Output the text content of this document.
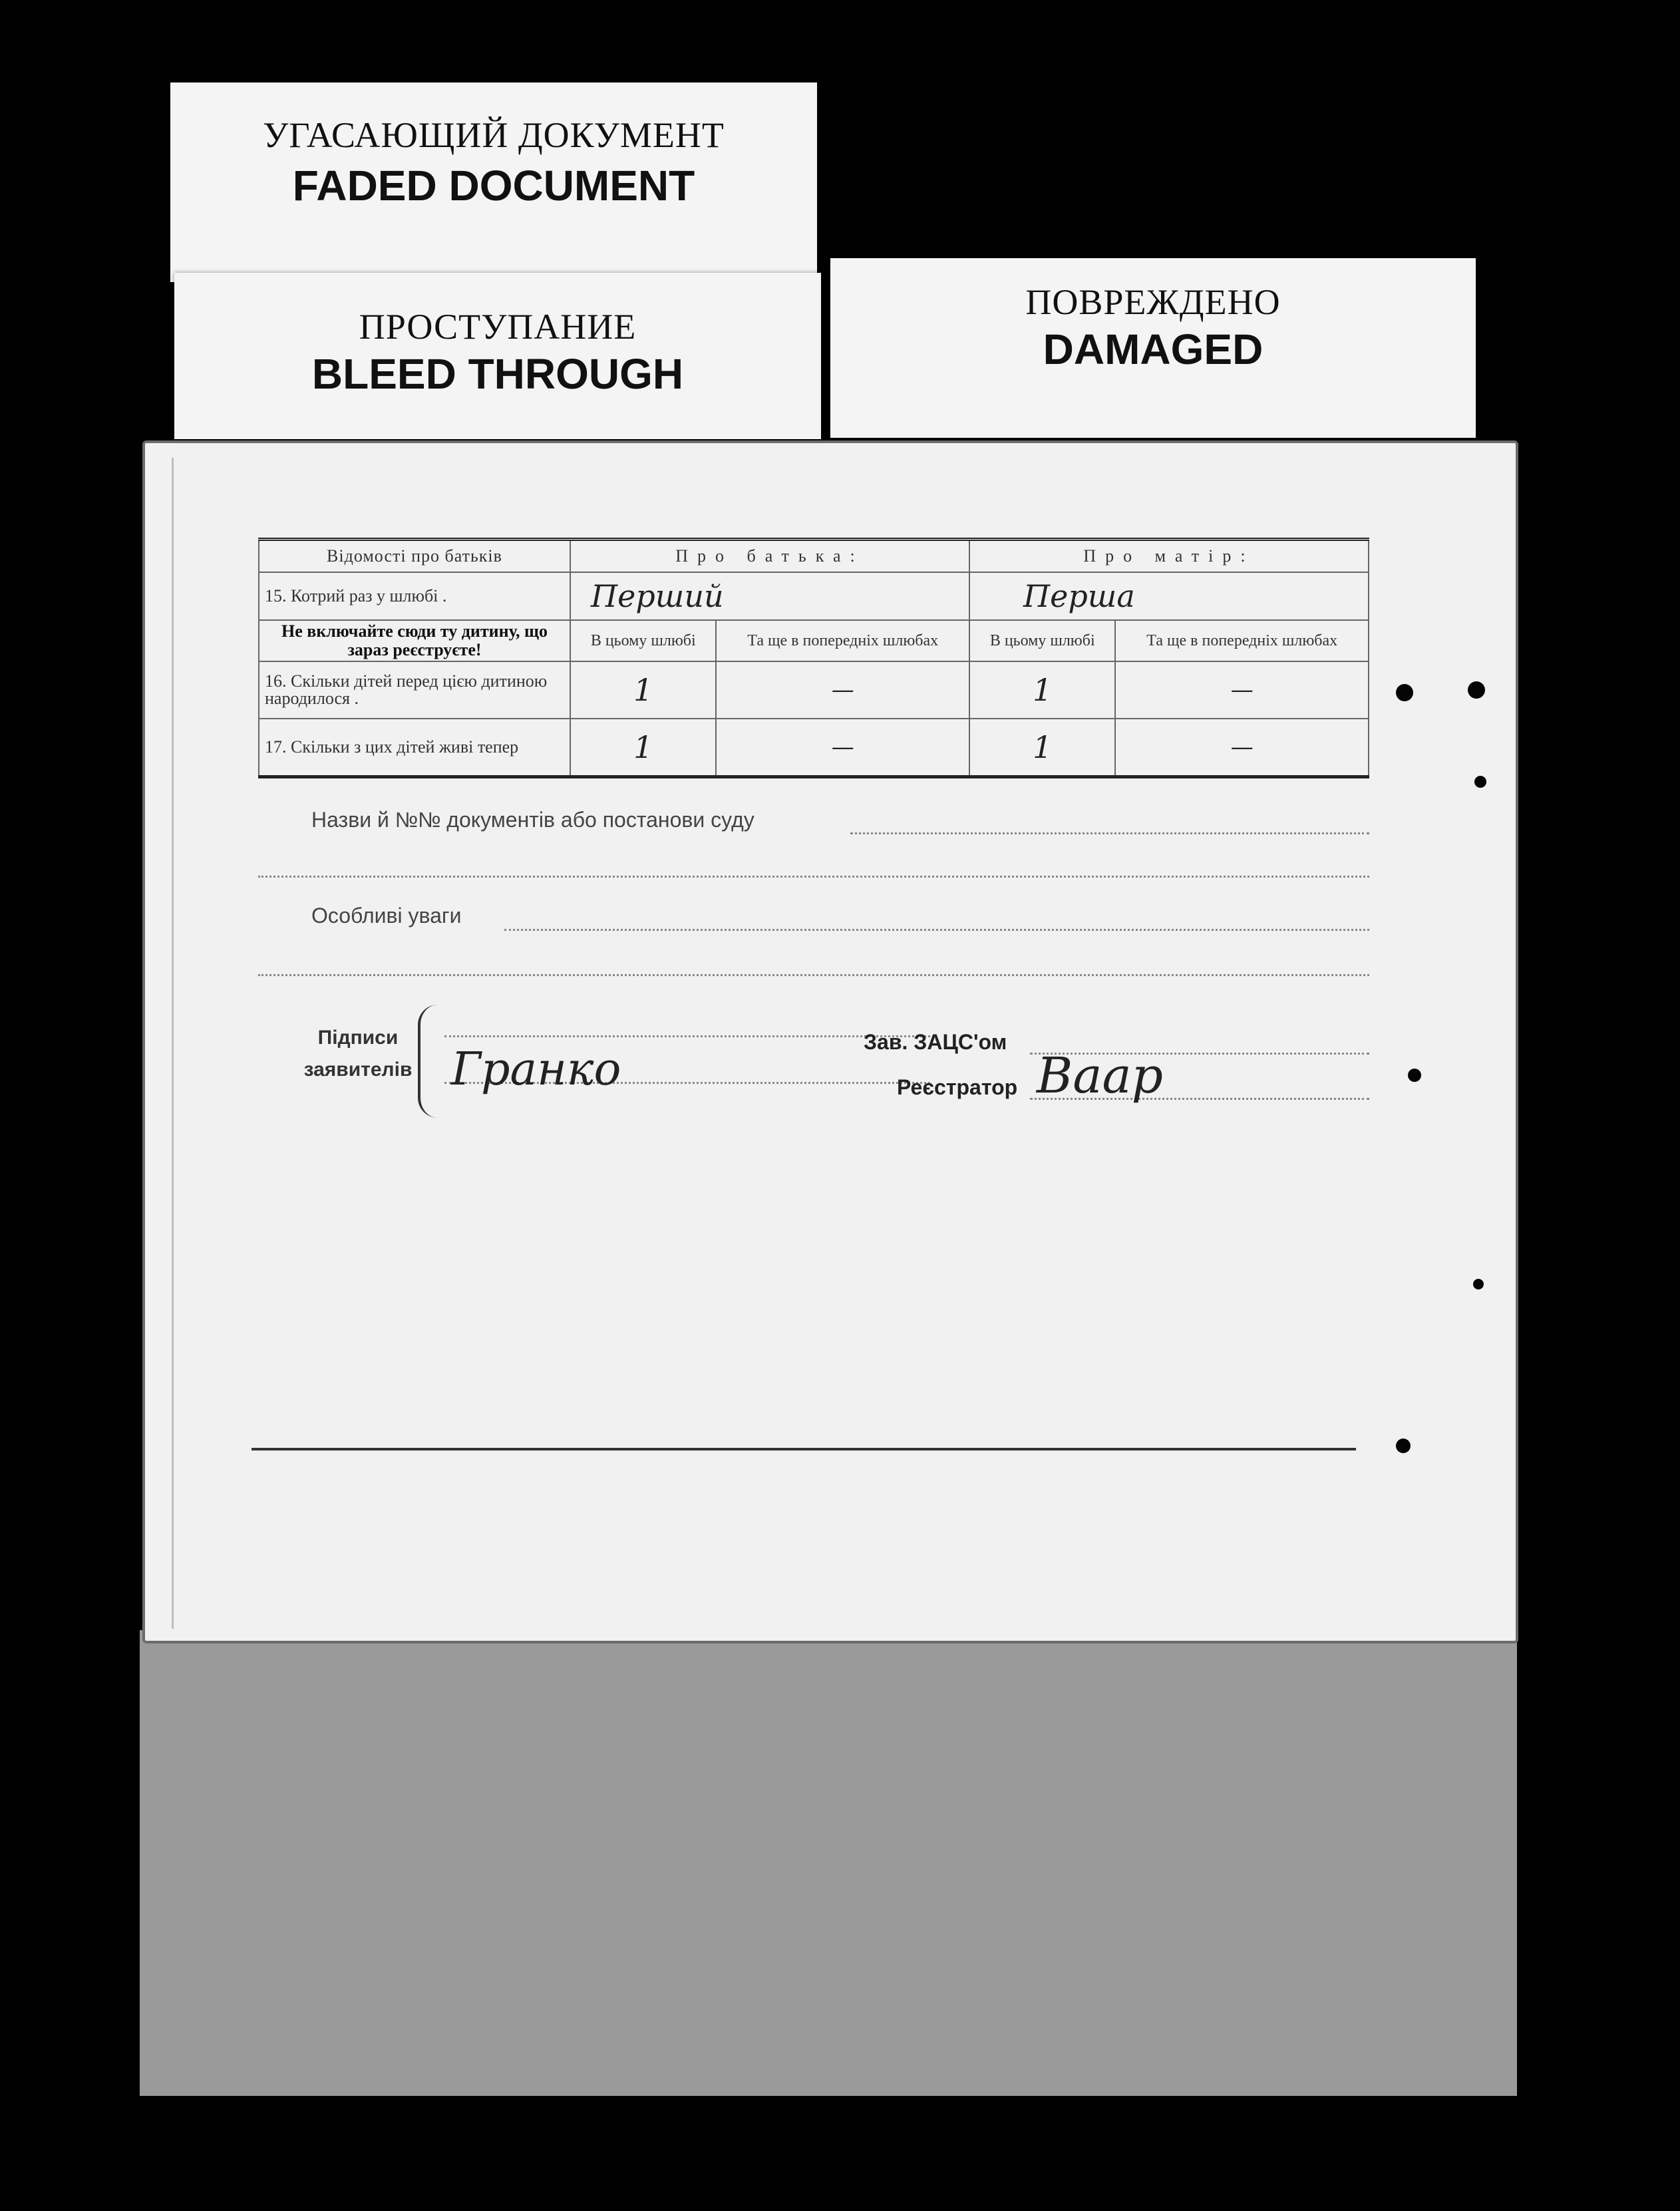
УГАСАЮЩИЙ ДОКУМЕНТ
FADED DOCUMENT
ПРОСТУПАНИЕ
BLEED THROUGH
ПОВРЕЖДЕНО
DAMAGED
Відомості про батьків	Про батька:		Про матір:	
15. Котрий раз у шлюбі .	Перший		Перша	
Не включайте сюди ту дитину, що зараз реєструєте!	В цьому шлюбі	Та ще в попередніх шлюбах	В цьому шлюбі	Та ще в попередніх шлюбах
16. Скільки дітей перед цією дитиною народилося .	1	—	1	—
17. Скільки з цих дітей живі тепер	1	—	1	—
Назви й №№ документів або постанови суду
Особливі уваги
Підписи
заявителів Гранко
Зав. ЗАЦС'ом
Реєстратор Ваар
